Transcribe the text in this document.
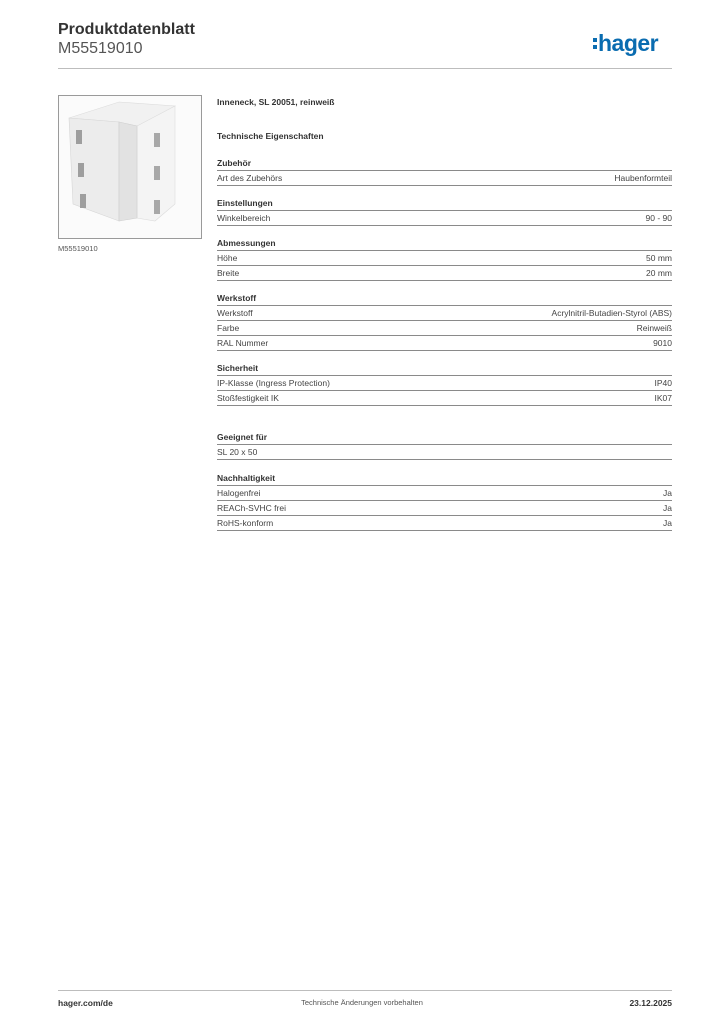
Produktdatenblatt
M55519010	hager
M55519010
Inneneck, SL 20051, reinweiß
Technische Eigenschaften
Zubehör
Art des Zubehörs	Haubenformteil
Einstellungen
Winkelbereich	90 - 90
Abmessungen
Höhe	50 mm
Breite	20 mm
Werkstoff
Werkstoff	Acrylnitril-Butadien-Styrol (ABS)
Farbe	Reinweiß
RAL Nummer	9010
Sicherheit
IP-Klasse (Ingress Protection)	IP40
Stoßfestigkeit IK	IK07
Geeignet für
SL 20 x 50
Nachhaltigkeit
Halogenfrei	Ja
REACh-SVHC frei	Ja
RoHS-konform	Ja
hager.com/de	Technische Änderungen vorbehalten	23.12.2025
